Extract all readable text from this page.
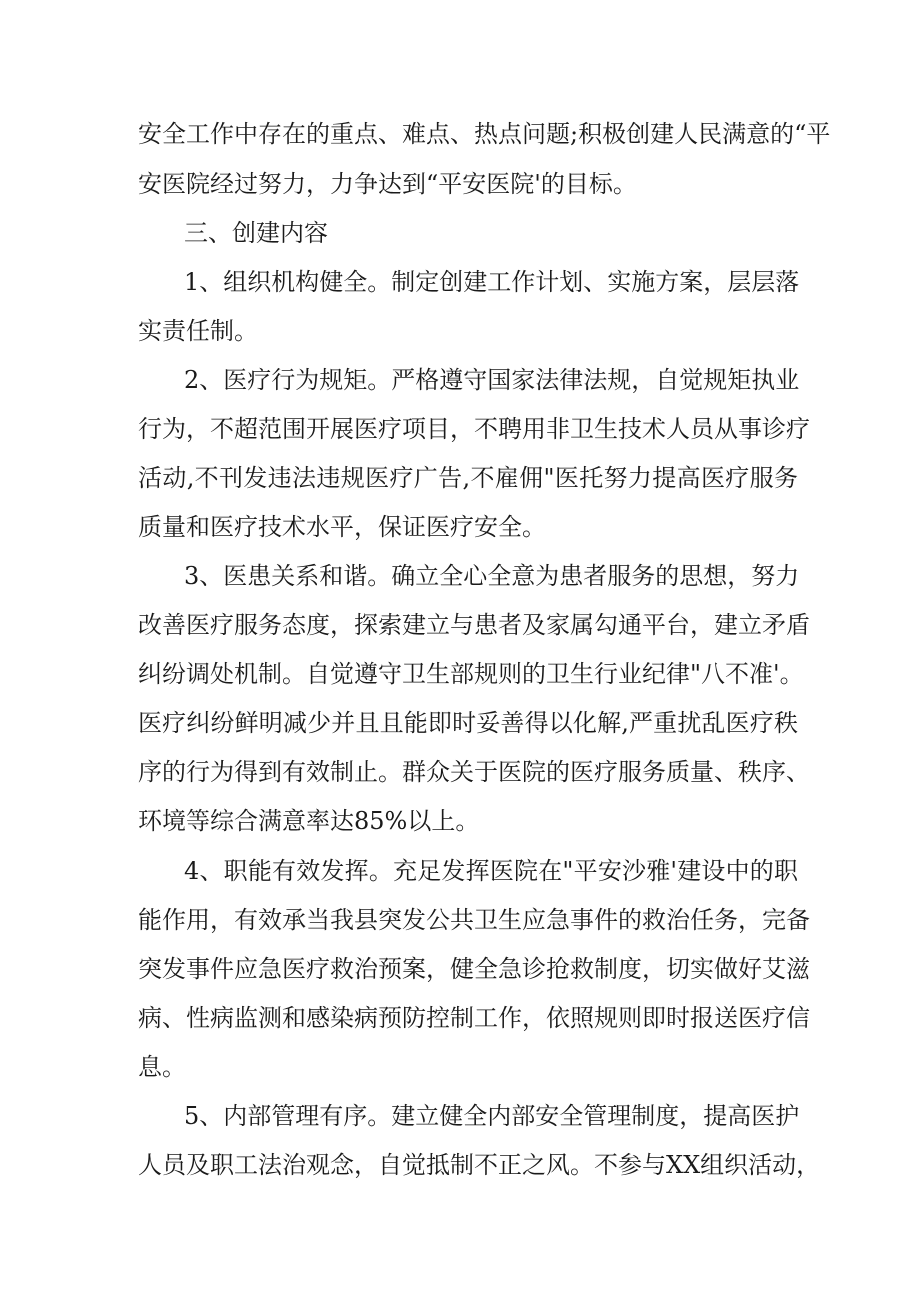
安全工作中存在的重点、难点、热点问题;积极创建人民满意的“平
安医院经过努力，力争达到“平安医院'的目标。
三、创建内容
1、组织机构健全。制定创建工作计划、实施方案，层层落
实责任制。
2、医疗行为规矩。严格遵守国家法律法规，自觉规矩执业
行为，不超范围开展医疗项目，不聘用非卫生技术人员从事诊疗
活动,不刊发违法违规医疗广告,不雇佣"医托努力提高医疗服务
质量和医疗技术水平，保证医疗安全。
3、医患关系和谐。确立全心全意为患者服务的思想，努力
改善医疗服务态度，探索建立与患者及家属勾通平台，建立矛盾
纠纷调处机制。自觉遵守卫生部规则的卫生行业纪律"八不准'。
医疗纠纷鲜明减少并且且能即时妥善得以化解,严重扰乱医疗秩
序的行为得到有效制止。群众关于医院的医疗服务质量、秩序、
环境等综合满意率达85%以上。
4、职能有效发挥。充足发挥医院在"平安沙雅'建设中的职
能作用，有效承当我县突发公共卫生应急事件的救治任务，完备
突发事件应急医疗救治预案，健全急诊抢救制度，切实做好艾滋
病、性病监测和感染病预防控制工作，依照规则即时报送医疗信
息。
5、内部管理有序。建立健全内部安全管理制度，提高医护
人员及职工法治观念，自觉抵制不正之风。不参与XX组织活动，
